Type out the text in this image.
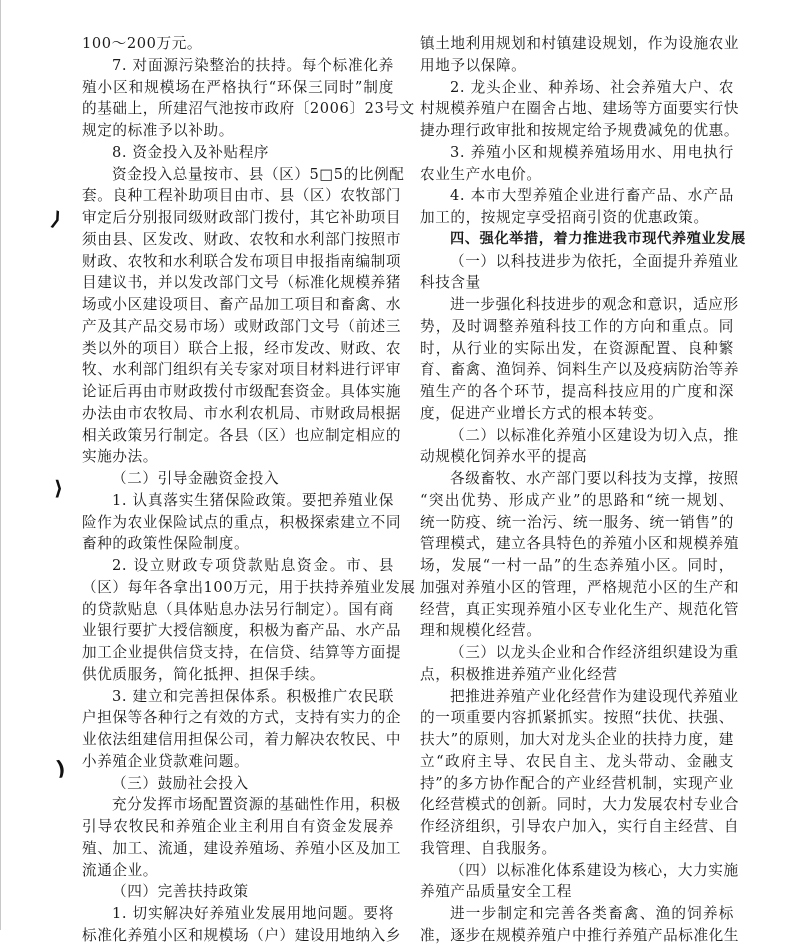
⟩
⟩
)
100～200万元。
7. 对面源污染整治的扶持。每个标准化养
殖小区和规模场在严格执行“环保三同时”制度
的基础上，所建沼气池按市政府〔2006〕23号文
规定的标准予以补助。
8. 资金投入及补贴程序
资金投入总量按市、县（区）5□5的比例配
套。良种工程补助项目由市、县（区）农牧部门
审定后分别报同级财政部门拨付，其它补助项目
须由县、区发改、财政、农牧和水利部门按照市
财政、农牧和水利联合发布项目申报指南编制项
目建议书，并以发改部门文号（标准化规模养猪
场或小区建设项目、畜产品加工项目和畜禽、水
产及其产品交易市场）或财政部门文号（前述三
类以外的项目）联合上报，经市发改、财政、农
牧、水利部门组织有关专家对项目材料进行评审
论证后再由市财政拨付市级配套资金。具体实施
办法由市农牧局、市水利农机局、市财政局根据
相关政策另行制定。各县（区）也应制定相应的
实施办法。
（二）引导金融资金投入
1. 认真落实生猪保险政策。要把养殖业保
险作为农业保险试点的重点，积极探索建立不同
畜种的政策性保险制度。
2. 设立财政专项贷款贴息资金。市、县
（区）每年各拿出100万元，用于扶持养殖业发展
的贷款贴息（具体贴息办法另行制定）。国有商
业银行要扩大授信额度，积极为畜产品、水产品
加工企业提供信贷支持，在信贷、结算等方面提
供优质服务，简化抵押、担保手续。
3. 建立和完善担保体系。积极推广农民联
户担保等各种行之有效的方式，支持有实力的企
业依法组建信用担保公司，着力解决农牧民、中
小养殖企业贷款难问题。
（三）鼓励社会投入
充分发挥市场配置资源的基础性作用，积极
引导农牧民和养殖企业主利用自有资金发展养
殖、加工、流通，建设养殖场、养殖小区及加工
流通企业。
（四）完善扶持政策
1. 切实解决好养殖业发展用地问题。要将
标准化养殖小区和规模场（户）建设用地纳入乡
镇土地利用规划和村镇建设规划，作为设施农业
用地予以保障。
2. 龙头企业、种养场、社会养殖大户、农
村规模养殖户在圈舍占地、建场等方面要实行快
捷办理行政审批和按规定给予规费减免的优惠。
3. 养殖小区和规模养殖场用水、用电执行
农业生产水电价。
4. 本市大型养殖企业进行畜产品、水产品
加工的，按规定享受招商引资的优惠政策。
四、强化举措，着力推进我市现代养殖业发展
（一）以科技进步为依托，全面提升养殖业
科技含量
进一步强化科技进步的观念和意识，适应形
势，及时调整养殖科技工作的方向和重点。同
时，从行业的实际出发，在资源配置、良种繁
育、畜禽、渔饲养、饲料生产以及疫病防治等养
殖生产的各个环节，提高科技应用的广度和深
度，促进产业增长方式的根本转变。
（二）以标准化养殖小区建设为切入点，推
动规模化饲养水平的提高
各级畜牧、水产部门要以科技为支撑，按照
“突出优势、形成产业”的思路和“统一规划、
统一防疫、统一治污、统一服务、统一销售”的
管理模式，建立各具特色的养殖小区和规模养殖
场，发展“一村一品”的生态养殖小区。同时，
加强对养殖小区的管理，严格规范小区的生产和
经营，真正实现养殖小区专业化生产、规范化管
理和规模化经营。
（三）以龙头企业和合作经济组织建设为重
点，积极推进养殖产业化经营
把推进养殖产业化经营作为建设现代养殖业
的一项重要内容抓紧抓实。按照“扶优、扶强、
扶大”的原则，加大对龙头企业的扶持力度，建
立“政府主导、农民自主、龙头带动、金融支
持”的多方协作配合的产业经营机制，实现产业
化经营模式的创新。同时，大力发展农村专业合
作经济组织，引导农户加入，实行自主经营、自
我管理、自我服务。
（四）以标准化体系建设为核心，大力实施
养殖产品质量安全工程
进一步制定和完善各类畜禽、渔的饲养标
准，逐步在规模养殖户中推行养殖产品标准化生
